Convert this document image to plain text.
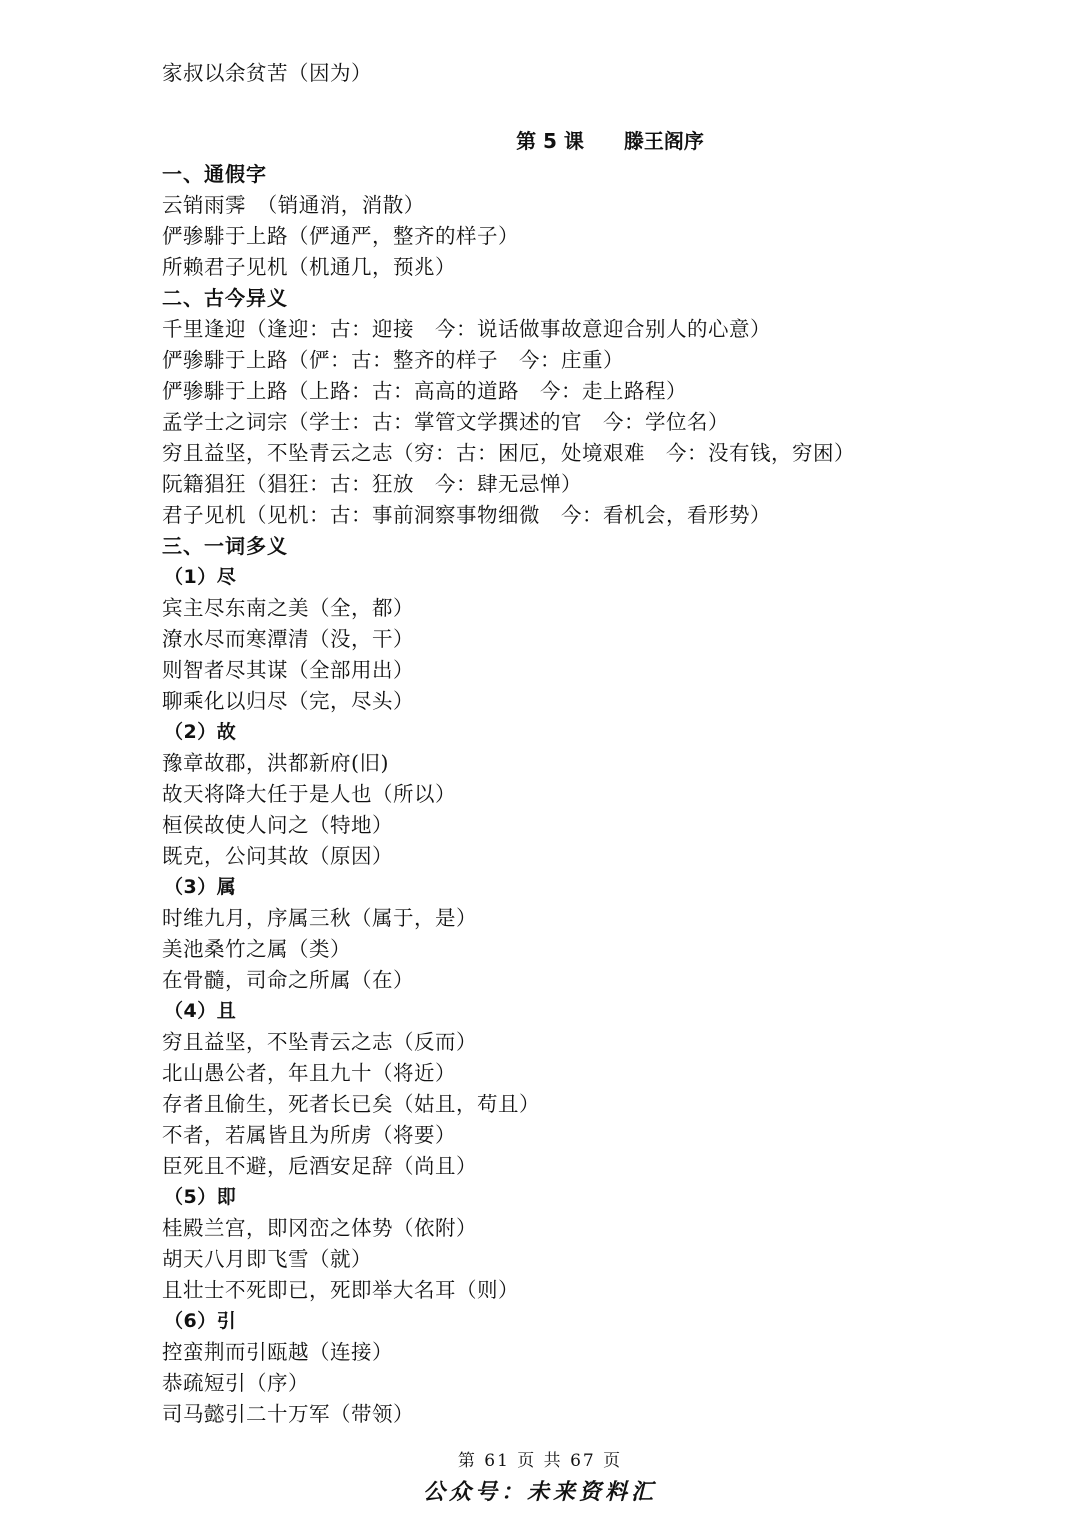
家叔以余贫苦（因为）
第 5 课 滕王阁序
一、通假字
云销雨霁　（销通消，消散）
俨骖騑于上路（俨通严，整齐的样子）
所赖君子见机（机通几，预兆）
二、古今异义
千里逢迎（逢迎：古：迎接　今：说话做事故意迎合别人的心意）
俨骖騑于上路（俨：古：整齐的样子　今：庄重）
俨骖騑于上路（上路：古：高高的道路　今：走上路程）
孟学士之词宗（学士：古：掌管文学撰述的官　今：学位名）
穷且益坚，不坠青云之志（穷：古：困厄，处境艰难　今：没有钱，穷困）
阮籍猖狂（猖狂：古：狂放　今：肆无忌惮）
君子见机（见机：古：事前洞察事物细微　今：看机会，看形势）
三、一词多义
（1）尽
宾主尽东南之美（全，都）
潦水尽而寒潭清（没，干）
则智者尽其谋（全部用出）
聊乘化以归尽（完，尽头）
（2）故
豫章故郡，洪都新府(旧)
故天将降大任于是人也（所以）
桓侯故使人问之（特地）
既克，公问其故（原因）
（3）属
时维九月，序属三秋（属于，是）
美池桑竹之属（类）
在骨髓，司命之所属（在）
（4）且
穷且益坚，不坠青云之志（反而）
北山愚公者，年且九十（将近）
存者且偷生，死者长已矣（姑且，苟且）
不者，若属皆且为所虏（将要）
臣死且不避，卮酒安足辞（尚且）
（5）即
桂殿兰宫，即冈峦之体势（依附）
胡天八月即飞雪（就）
且壮士不死即已，死即举大名耳（则）
（6）引
控蛮荆而引瓯越（连接）
恭疏短引（序）
司马懿引二十万军（带领）
第 61 页 共 67 页
公众号：未来资料汇
